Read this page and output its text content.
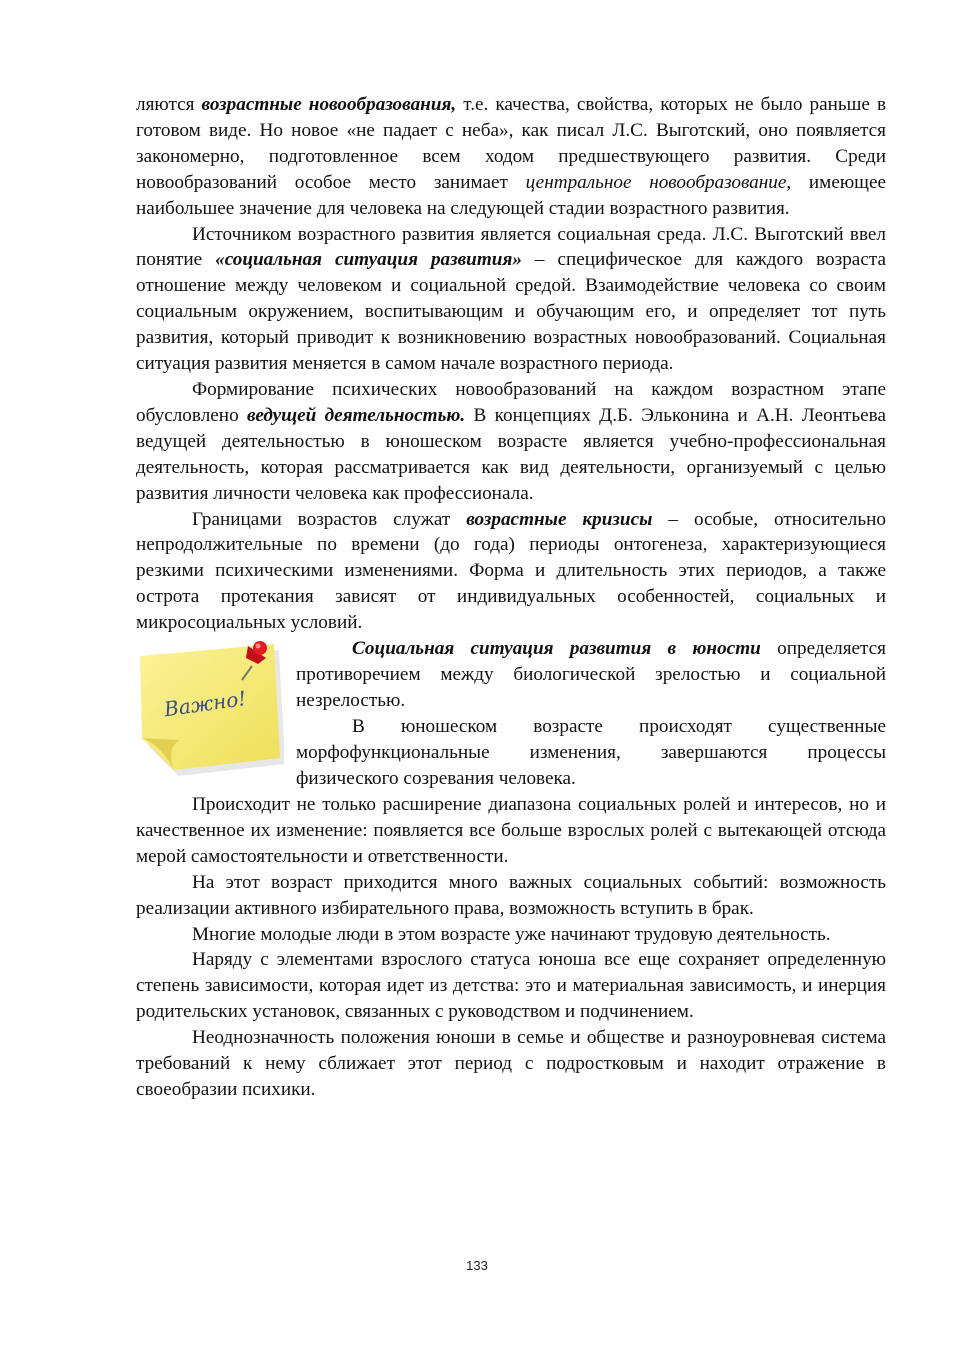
ляются возрастные новообразования, т.е. качества, свойства, которых не было раньше в готовом виде. Но новое «не падает с неба», как писал Л.С. Выготский, оно появляется закономерно, подготовленное всем ходом предшествующего развития. Среди новообразований особое место занимает центральное новообразование, имеющее наибольшее значение для человека на следующей стадии возрастного развития.

Источником возрастного развития является социальная среда. Л.С. Выготский ввел понятие «социальная ситуация развития» – специфическое для каждого возраста отношение между человеком и социальной средой. Взаимодействие человека со своим социальным окружением, воспитывающим и обучающим его, и определяет тот путь развития, который приводит к возникновению возрастных новообразований. Социальная ситуация развития меняется в самом начале возрастного периода.

Формирование психических новообразований на каждом возрастном этапе обусловлено ведущей деятельностью. В концепциях Д.Б. Эльконина и А.Н. Леонтьева ведущей деятельностью в юношеском возрасте является учебно-профессиональная деятельность, которая рассматривается как вид деятельности, организуемый с целью развития личности человека как профессионала.

Границами возрастов служат возрастные кризисы – особые, относительно непродолжительные по времени (до года) периоды онтогенеза, характеризующиеся резкими психическими изменениями. Форма и длительность этих периодов, а также острота протекания зависят от индивидуальных особенностей, социальных и микросоциальных условий.

Важно!

Социальная ситуация развития в юности определяется противоречием между биологической зрелостью и социальной незрелостью.

В юношеском возрасте происходят существенные морфофункциональные изменения, завершаются процессы физического созревания человека.

Происходит не только расширение диапазона социальных ролей и интересов, но и качественное их изменение: появляется все больше взрослых ролей с вытекающей отсюда мерой самостоятельности и ответственности.

На этот возраст приходится много важных социальных событий: возможность реализации активного избирательного права, возможность вступить в брак.

Многие молодые люди в этом возрасте уже начинают трудовую деятельность.

Наряду с элементами взрослого статуса юноша все еще сохраняет определенную степень зависимости, которая идет из детства: это и материальная зависимость, и инерция родительских установок, связанных с руководством и подчинением.

Неоднозначность положения юноши в семье и обществе и разноуровневая система требований к нему сближает этот период с подростковым и находит отражение в своеобразии психики.

133
